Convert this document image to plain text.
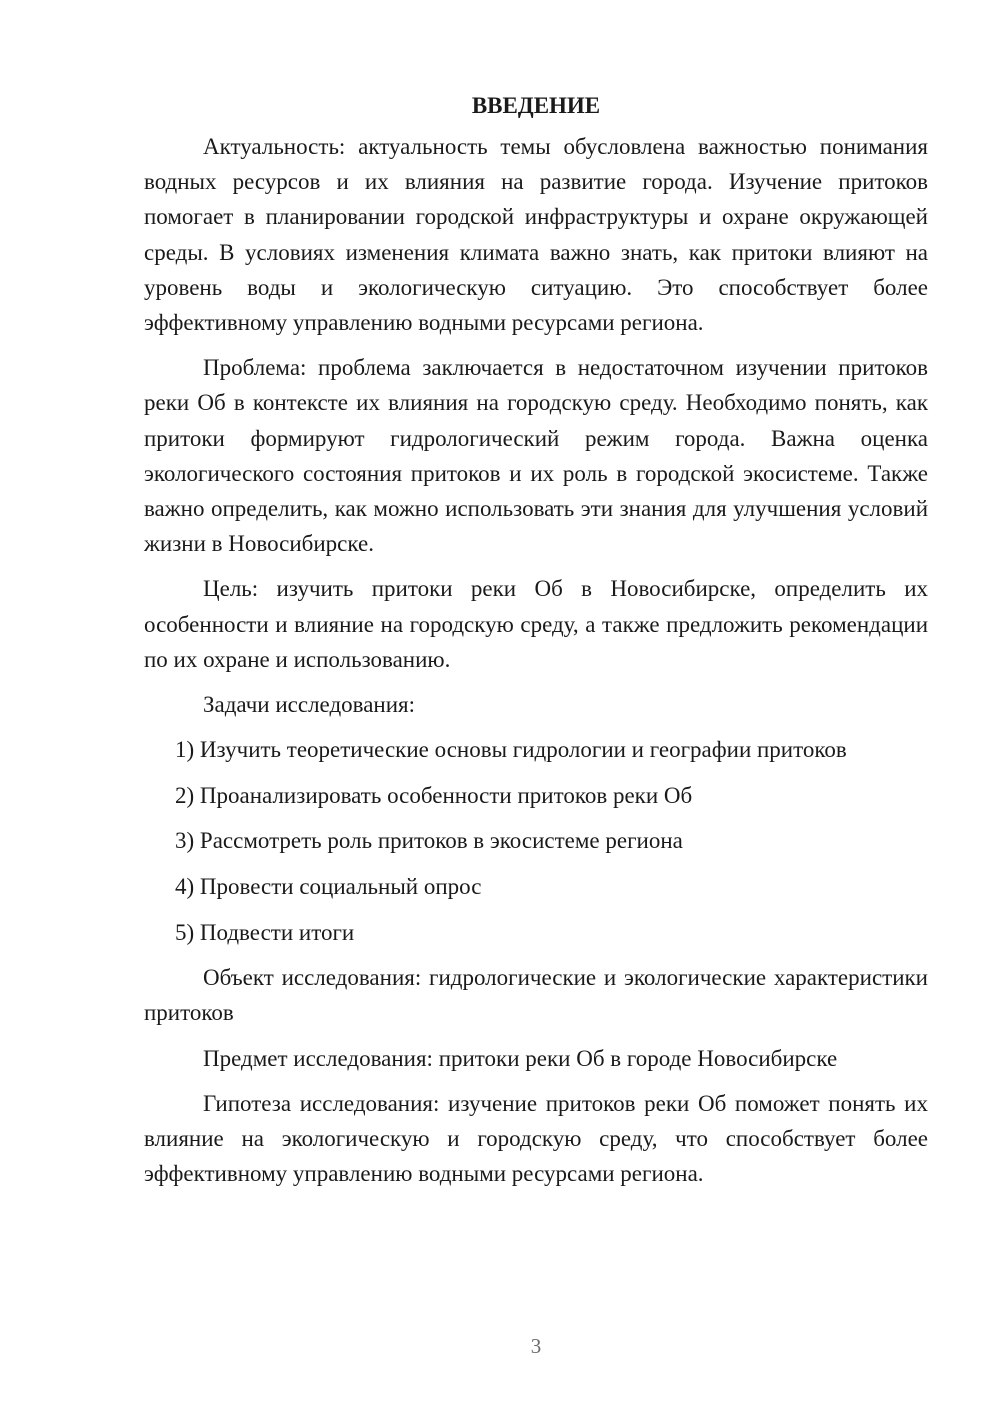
ВВЕДЕНИЕ

Актуальность: актуальность темы обусловлена важностью понимания водных ресурсов и их влияния на развитие города. Изучение притоков помогает в планировании городской инфраструктуры и охране окружающей среды. В условиях изменения климата важно знать, как притоки влияют на уровень воды и экологическую ситуацию. Это способствует более эффективному управлению водными ресурсами региона.

Проблема: проблема заключается в недостаточном изучении притоков реки Об в контексте их влияния на городскую среду. Необходимо понять, как притоки формируют гидрологический режим города. Важна оценка экологического состояния притоков и их роль в городской экосистеме. Также важно определить, как можно использовать эти знания для улучшения условий жизни в Новосибирске.

Цель: изучить притоки реки Об в Новосибирске, определить их особенности и влияние на городскую среду, а также предложить рекомендации по их охране и использованию.

Задачи исследования:

1) Изучить теоретические основы гидрологии и географии притоков
2) Проанализировать особенности притоков реки Об
3) Рассмотреть роль притоков в экосистеме региона
4) Провести социальный опрос
5) Подвести итоги

Объект исследования: гидрологические и экологические характеристики притоков

Предмет исследования: притоки реки Об в городе Новосибирске

Гипотеза исследования: изучение притоков реки Об поможет понять их влияние на экологическую и городскую среду, что способствует более эффективному управлению водными ресурсами региона.

3
